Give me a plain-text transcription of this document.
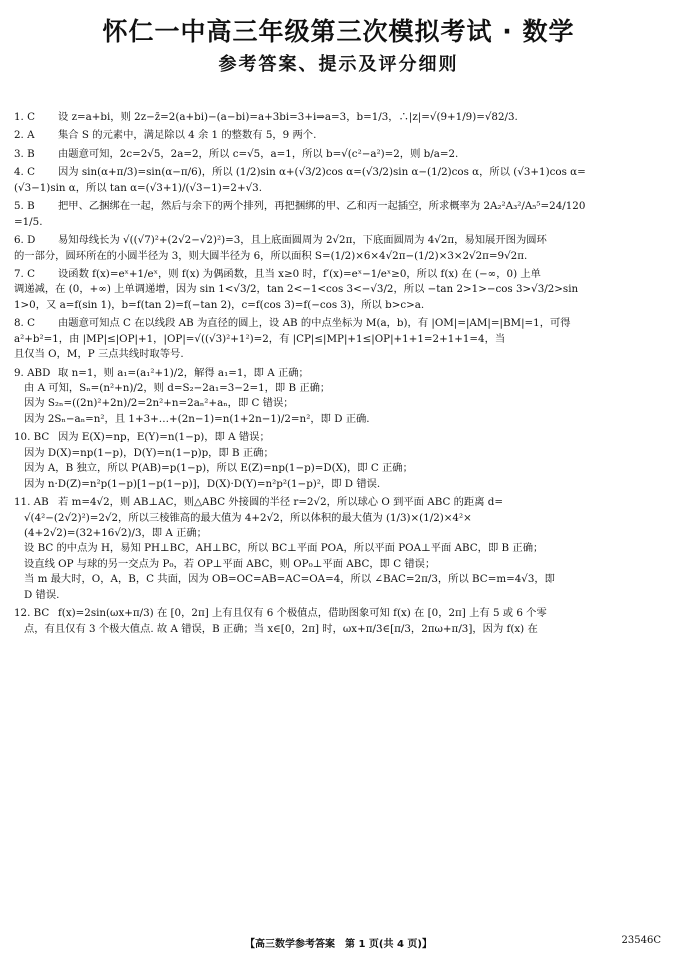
怀仁一中高三年级第三次模拟考试 · 数学
参考答案、提示及评分细则
1. C	设 z=a+bi，则 2z−z̄=2(a+bi)−(a−bi)=a+3bi=3+i⇒a=3，b=1/3，∴|z|=√(9+1/9)=√82/3.
2. A	集合 S 的元素中，满足除以 4 余 1 的整数有 5，9 两个.
3. B	由题意可知，2c=2√5，2a=2，所以 c=√5，a=1，所以 b=√(c²−a²)=2，则 b/a=2.
4. C	因为 sin(α+π/3)=sin(α−π/6)，所以 (1/2)sin α+(√3/2)cos α=(√3/2)sin α−(1/2)cos α，所以 (√3+1)cos α=
(√3−1)sin α，所以 tan α=(√3+1)/(√3−1)=2+√3.
5. B	把甲、乙捆绑在一起，然后与余下的两个排列，再把捆绑的甲、乙和丙一起插空，所求概率为 2A₂²A₃²/A₅⁵=24/120
=1/5.
6. D	易知母线长为 √((√7)²+(2√2−√2)²)=3，且上底面圆周为 2√2π，下底面圆周为 4√2π，易知展开图为圆环
的一部分，圆环所在的小圆半径为 3，则大圆半径为 6，所以面积 S=(1/2)×6×4√2π−(1/2)×3×2√2π=9√2π.
7. C	设函数 f(x)=eˣ+1/eˣ，则 f(x) 为偶函数，且当 x≥0 时，f′(x)=eˣ−1/eˣ≥0，所以 f(x) 在 (−∞，0) 上单
调递减，在 (0，+∞) 上单调递增，因为 sin 1<√3/2，tan 2<−1<cos 3<−√3/2，所以 −tan 2>1>−cos 3>√3/2>sin
1>0，又 a=f(sin 1)，b=f(tan 2)=f(−tan 2)，c=f(cos 3)=f(−cos 3)，所以 b>c>a.
8. C	由题意可知点 C 在以线段 AB 为直径的圆上，设 AB 的中点坐标为 M(a，b)，有 |OM|=|AM|=|BM|=1，可得
a²+b²=1，由 |MP|≤|OP|+1，|OP|=√((√3)²+1²)=2，有 |CP|≤|MP|+1≤|OP|+1+1=2+1+1=4，当
且仅当 O，M，P 三点共线时取等号.
9. ABD 取 n=1，则 a₁=(a₁²+1)/2，解得 a₁=1，即 A 正确；
由 A 可知，Sₙ=(n²+n)/2，则 d=S₂−2a₁=3−2=1，即 B 正确；
因为 S₂ₙ=((2n)²+2n)/2=2n²+n=2aₙ²+aₙ，即 C 错误；
因为 2Sₙ−aₙ=n²，且 1+3+…+(2n−1)=n(1+2n−1)/2=n²，即 D 正确.
10. BC 因为 E(X)=np，E(Y)=n(1−p)，即 A 错误；
因为 D(X)=np(1−p)，D(Y)=n(1−p)p，即 B 正确；
因为 A，B 独立，所以 P(AB)=p(1−p)，所以 E(Z)=np(1−p)=D(X)，即 C 正确；
因为 n·D(Z)=n²p(1−p)[1−p(1−p)]，D(X)·D(Y)=n²p²(1−p)²，即 D 错误.
11. AB 若 m=4√2，则 AB⊥AC，则△ABC 外接圆的半径 r=2√2，所以球心 O 到平面 ABC 的距离 d=
√(4²−(2√2)²)=2√2，所以三棱锥高的最大值为 4+2√2，所以体积的最大值为 (1/3)×(1/2)×4²×
(4+2√2)=(32+16√2)/3，即 A 正确；
设 BC 的中点为 H，易知 PH⊥BC，AH⊥BC，所以 BC⊥平面 POA，所以平面 POA⊥平面 ABC，即 B 正确；
设直线 OP 与球的另一交点为 P₀，若 OP⊥平面 ABC，则 OP₀⊥平面 ABC，即 C 错误；
当 m 最大时，O，A，B，C 共面，因为 OB=OC=AB=AC=OA=4，所以 ∠BAC=2π/3，所以 BC=m=4√3，即
D 错误.
12. BC f(x)=2sin(ωx+π/3) 在 [0，2π] 上有且仅有 6 个极值点，借助图象可知 f(x) 在 [0，2π] 上有 5 或 6 个零
点，有且仅有 3 个极大值点. 故 A 错误，B 正确；当 x∈[0，2π] 时，ωx+π/3∈[π/3，2πω+π/3]，因为 f(x) 在
【高三数学参考答案　第 1 页(共 4 页)】	23546C
